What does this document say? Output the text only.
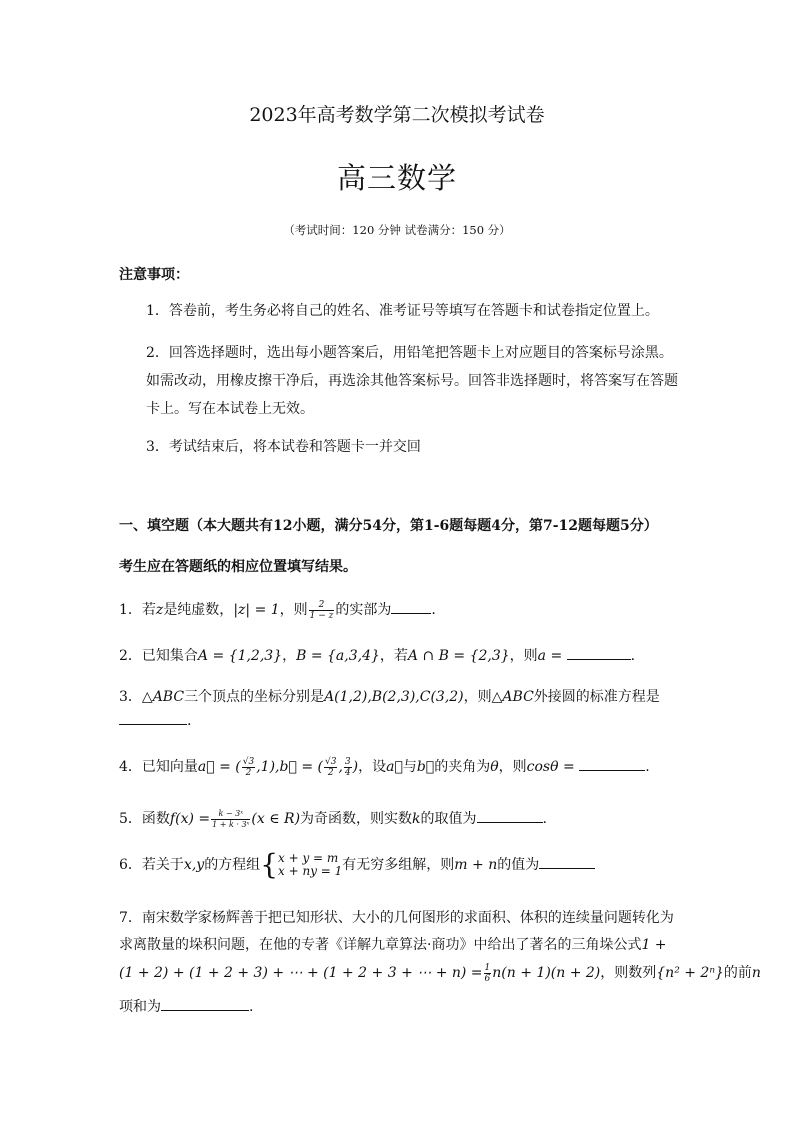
2023年高考数学第二次模拟考试卷
高三数学
（考试时间：120 分钟 试卷满分：150 分）
注意事项：
1．答卷前，考生务必将自己的姓名、准考证号等填写在答题卡和试卷指定位置上。
2．回答选择题时，选出每小题答案后，用铅笔把答题卡上对应题目的答案标号涂黑。如需改动，用橡皮擦干净后，再选涂其他答案标号。回答非选择题时，将答案写在答题卡上。写在本试卷上无效。
3．考试结束后，将本试卷和答题卡一并交回
一、填空题（本大题共有12小题，满分54分，第1-6题每题4分，第7-12题每题5分）
考生应在答题纸的相应位置填写结果。
1．若z是纯虚数，|z| = 1，则 $\frac{2}{1 - z}$ 的实部为	.
2．已知集合A = {1,2,3}，B = {a,3,4}，若A ∩ B = {2,3}，则a =	.
3．△ABC三个顶点的坐标分别是A(1,2),B(2,3),C(3,2)，则△ABC外接圆的标准方程是
.
4．已知向量a⃗ = ( $\frac{√3}{2}$ ,1),b⃗ = ( $\frac{√3}{2}$ , $\frac{3}{4}$ )，设a⃗与b⃗的夹角为θ，则cosθ =	.
5．函数$f(x) = \frac{\text{k − 3ˣ}}{\text{1 + k · 3ˣ}} (x$ ∈ R)为奇函数，则实数k的取值为	.
6．若关于x,y的方程组{ x + y = m
x + ny = 1 有无穷多组解，则m + n的值为
7．南宋数学家杨辉善于把已知形状、大小的几何图形的求面积、体积的连续量问题转化为
求离散量的垛积问题，在他的专著《详解九章算法·商功》中给出了著名的三角垛公式1 +
(1 + 2) + (1 + 2 + 3) + ⋯ + (1 + 2 + 3 + ⋯ + $n) = \frac{1}{6} n(n + 1)(n + 2)$，则数列{n² + 2ⁿ}的前n
项和为	.
